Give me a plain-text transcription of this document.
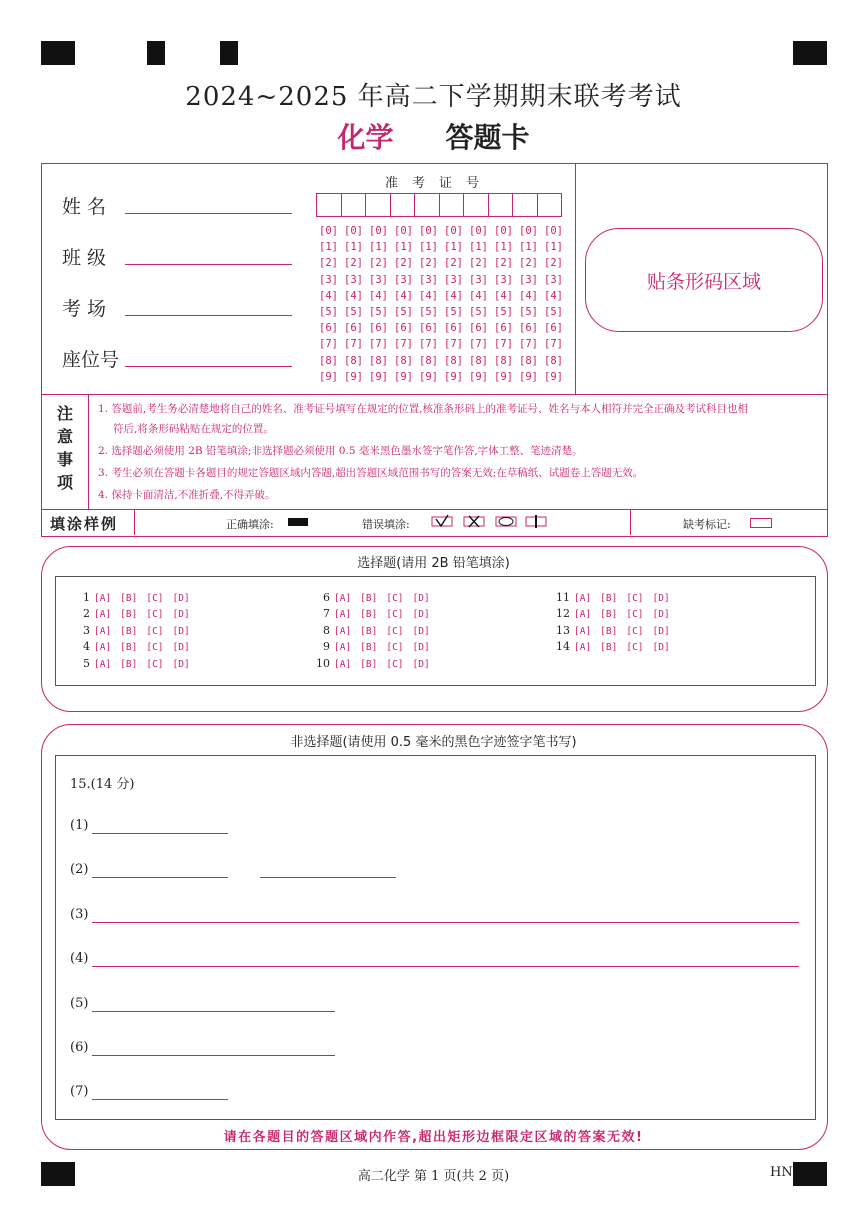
2024~2025 年高二下学期期末联考考试
化学 答题卡
姓 名
班 级
考 场
座位号
准考证号
[0] [0] [0] [0] [0] [0] [0] [0] [0] [0]
[1] [1] [1] [1] [1] [1] [1] [1] [1] [1]
[2] [2] [2] [2] [2] [2] [2] [2] [2] [2]
[3] [3] [3] [3] [3] [3] [3] [3] [3] [3]
[4] [4] [4] [4] [4] [4] [4] [4] [4] [4]
[5] [5] [5] [5] [5] [5] [5] [5] [5] [5]
[6] [6] [6] [6] [6] [6] [6] [6] [6] [6]
[7] [7] [7] [7] [7] [7] [7] [7] [7] [7]
[8] [8] [8] [8] [8] [8] [8] [8] [8] [8]
[9] [9] [9] [9] [9] [9] [9] [9] [9] [9]
贴条形码区域
注
意
事
项
1. 答题前,考生务必清楚地将自己的姓名、准考证号填写在规定的位置,核准条形码上的准考证号、姓名与本人相符并完全正确及考试科目也相
符后,将条形码粘贴在规定的位置。
2. 选择题必须使用 2B 铅笔填涂;非选择题必须使用 0.5 毫米黑色墨水签字笔作答,字体工整、笔迹清楚。
3. 考生必须在答题卡各题目的规定答题区域内答题,超出答题区域范围书写的答案无效;在草稿纸、试题卷上答题无效。
4. 保持卡面清洁,不准折叠,不得弄破。
填涂样例	正确填涂:	错误填涂:	缺考标记:
选择题(请用 2B 铅笔填涂)
1 [A] [B] [C] [D]
2 [A] [B] [C] [D]
3 [A] [B] [C] [D]
4 [A] [B] [C] [D]
5 [A] [B] [C] [D]
6 [A] [B] [C] [D]
7 [A] [B] [C] [D]
8 [A] [B] [C] [D]
9 [A] [B] [C] [D]
10 [A] [B] [C] [D]
11 [A] [B] [C] [D]
12 [A] [B] [C] [D]
13 [A] [B] [C] [D]
14 [A] [B] [C] [D]
非选择题(请使用 0.5 毫米的黑色字迹签字笔书写)
15.(14 分)
(1)
(2)
(3)
(4)
(5)
(6)
(7)
请在各题目的答题区域内作答,超出矩形边框限定区域的答案无效!
高二化学 第 1 页(共 2 页)	HN
